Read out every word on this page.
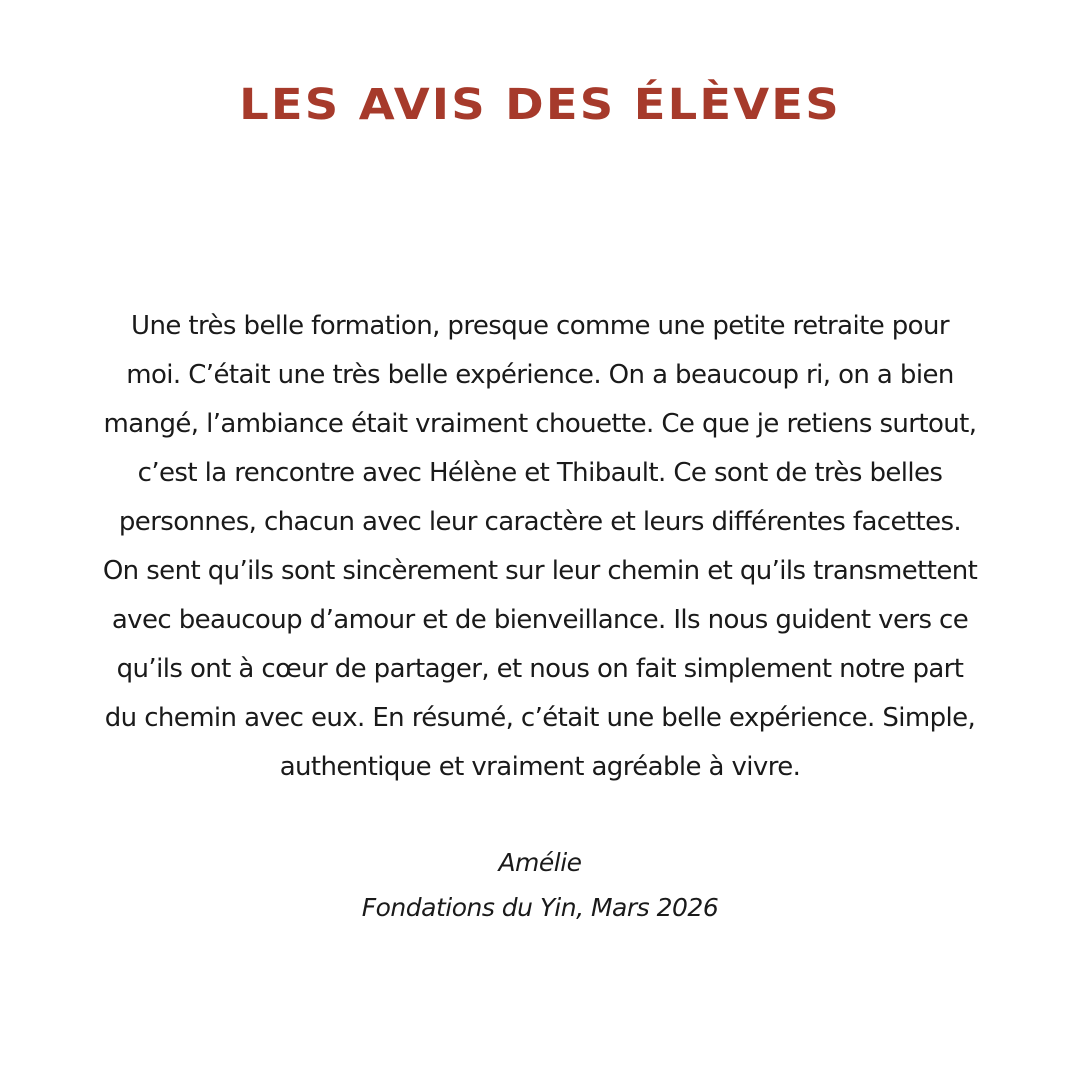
LES AVIS DES ÉLÈVES
Une très belle formation, presque comme une petite retraite pour
moi. C’était une très belle expérience. On a beaucoup ri, on a bien
mangé, l’ambiance était vraiment chouette. Ce que je retiens surtout,
c’est la rencontre avec Hélène et Thibault. Ce sont de très belles
personnes, chacun avec leur caractère et leurs différentes facettes.
On sent qu’ils sont sincèrement sur leur chemin et qu’ils transmettent
avec beaucoup d’amour et de bienveillance. Ils nous guident vers ce
qu’ils ont à cœur de partager, et nous on fait simplement notre part
du chemin avec eux. En résumé, c’était une belle expérience. Simple,
authentique et vraiment agréable à vivre.
Amélie
Fondations du Yin, Mars 2026
